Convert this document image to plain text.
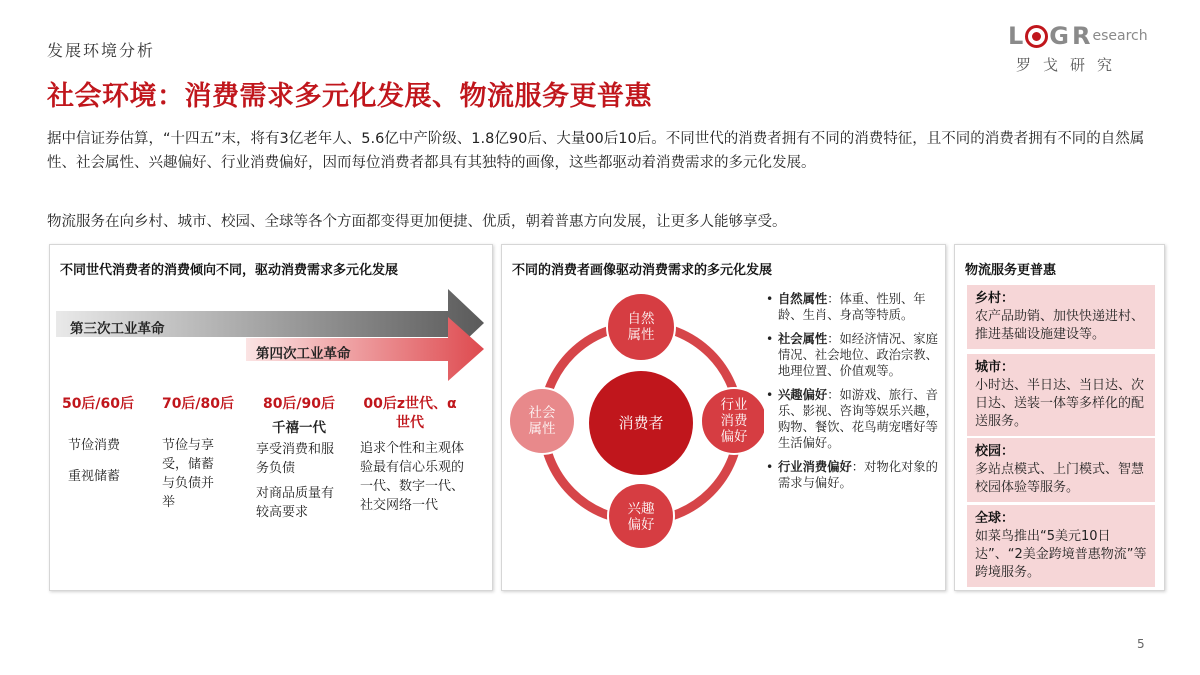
发展环境分析
社会环境：消费需求多元化发展、物流服务更普惠
L G R esearch
罗戈研究

据中信证券估算，“十四五”末，将有3亿老年人、5.6亿中产阶级、1.8亿90后、大量00后10后。不同世代的消费者拥有不同的消费特征，且不同的消费者拥有不同的自然属性、社会属性、兴趣偏好、行业消费偏好，因而每位消费者都具有其独特的画像，这些都驱动着消费需求的多元化发展。

物流服务在向乡村、城市、校园、全球等各个方面都变得更加便捷、优质，朝着普惠方向发展，让更多人能够享受。

不同世代消费者的消费倾向不同，驱动消费需求多元化发展
第三次工业革命
第四次工业革命
50后/60后
节俭消费
重视储蓄
70后/80后
节俭与享受，储蓄与负债并举
80后/90后
千禧一代
享受消费和服务负债
对商品质量有较高要求
00后z世代、α世代
追求个性和主观体验最有信心乐观的一代、数字一代、社交网络一代
不同的消费者画像驱动消费需求的多元化发展
消费者
自然属性
行业消费偏好
兴趣偏好
社会属性
• 自然属性：体重、性别、年龄、生肖、身高等特质。
• 社会属性：如经济情况、家庭情况、社会地位、政治宗教、地理位置、价值观等。
• 兴趣偏好：如游戏、旅行、音乐、影视、咨询等娱乐兴趣，购物、餐饮、花鸟萌宠嗜好等生活偏好。
• 行业消费偏好：对物化对象的需求与偏好。
物流服务更普惠
乡村：
农产品助销、加快快递进村、推进基础设施建设等。
城市：
小时达、半日达、当日达、次日达、送装一体等多样化的配送服务。
校园：
多站点模式、上门模式、智慧校园体验等服务。
全球：
如菜鸟推出“5美元10日达”、“2美金跨境普惠物流”等跨境服务。
5
